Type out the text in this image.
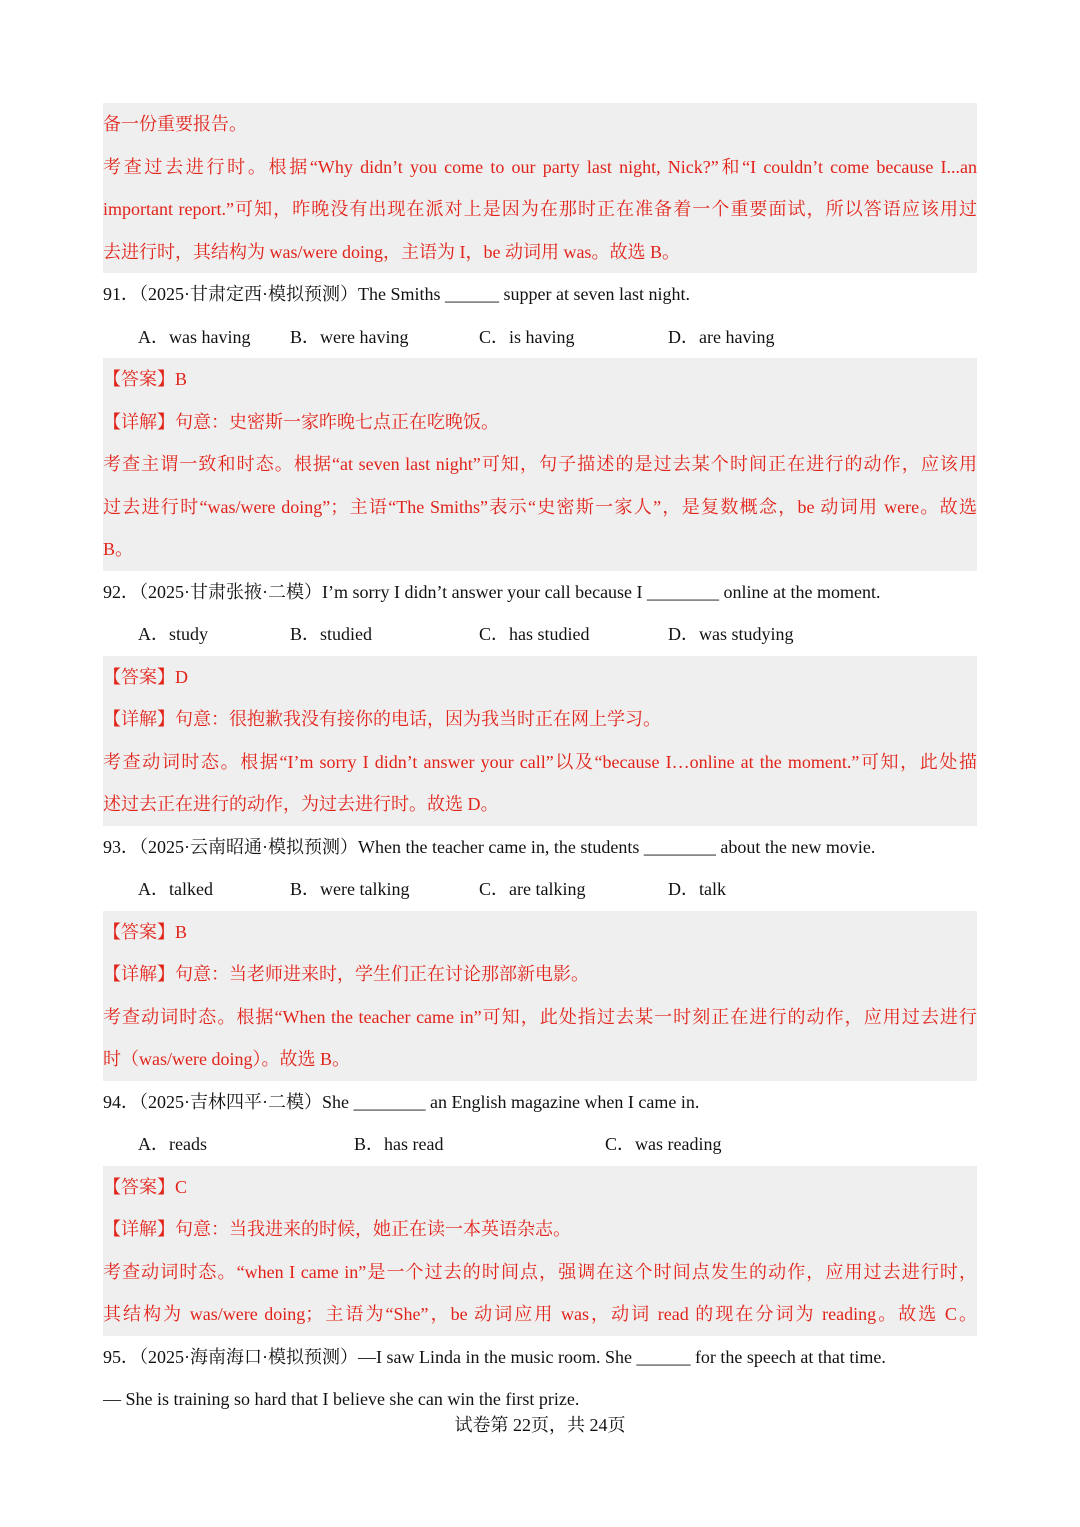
备一份重要报告。
考查过去进行时。根据“Why didn’t you come to our party last night, Nick?”和“I couldn’t come because I...an
important report.”可知，昨晚没有出现在派对上是因为在那时正在准备着一个重要面试，所以答语应该用过
去进行时，其结构为 was/were doing，主语为 I，be 动词用 was。故选 B。
91．（2025·甘肃定西·模拟预测）The Smiths ______ supper at seven last night.
A．was having B．were having	C．is having	D．are having
【答案】B
【详解】句意：史密斯一家昨晚七点正在吃晚饭。
考查主谓一致和时态。根据“at seven last night”可知，句子描述的是过去某个时间正在进行的动作，应该用
过去进行时“was/were doing”；主语“The Smiths”表示“史密斯一家人”，是复数概念，be 动词用 were。故选
B。
92．（2025·甘肃张掖·二模）I’m sorry I didn’t answer your call because I ________ online at the moment.
A．study	B．studied	C．has studied	D．was studying
【答案】D
【详解】句意：很抱歉我没有接你的电话，因为我当时正在网上学习。
考查动词时态。根据“I’m sorry I didn’t answer your call”以及“because I…online at the moment.”可知，此处描
述过去正在进行的动作，为过去进行时。故选 D。
93．（2025·云南昭通·模拟预测）When the teacher came in, the students ________ about the new movie.
A．talked	B．were talking	C．are talking	D．talk
【答案】B
【详解】句意：当老师进来时，学生们正在讨论那部新电影。
考查动词时态。根据“When the teacher came in”可知，此处指过去某一时刻正在进行的动作，应用过去进行
时（was/were doing）。故选 B。
94．（2025·吉林四平·二模）She ________ an English magazine when I came in.
A．reads	B．has read	C．was reading
【答案】C
【详解】句意：当我进来的时候，她正在读一本英语杂志。
考查动词时态。“when I came in”是一个过去的时间点，强调在这个时间点发生的动作，应用过去进行时，
其结构为 was/were doing；主语为“She”，be 动词应用 was，动词 read 的现在分词为 reading。故选 C。
95．（2025·海南海口·模拟预测）—I saw Linda in the music room. She ______ for the speech at that time.
— She is training so hard that I believe she can win the first prize.
试卷第 22页，共 24页
